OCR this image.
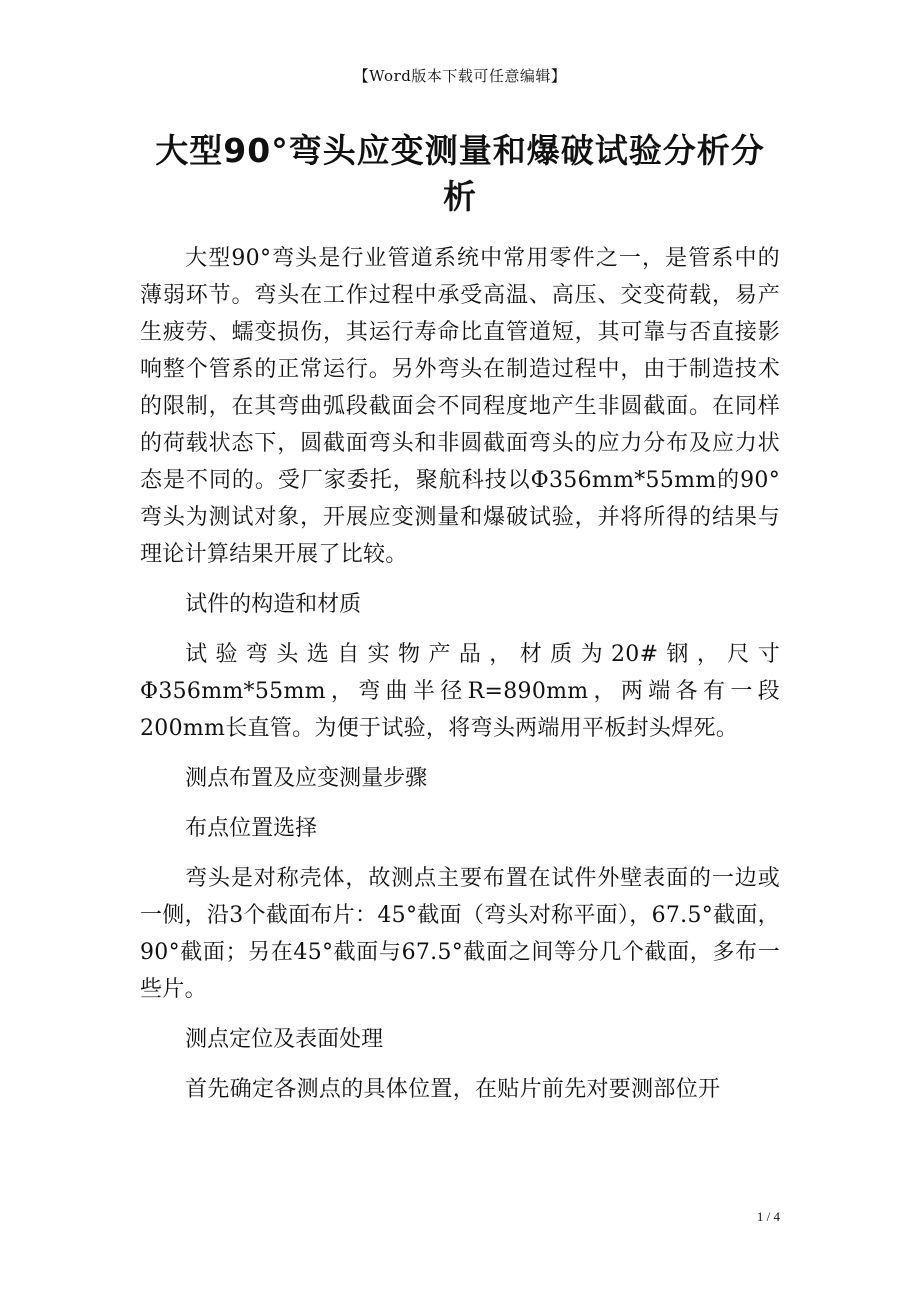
【Word版本下载可任意编辑】
大型90°弯头应变测量和爆破试验分析分析

大型90°弯头是行业管道系统中常用零件之一，是管系中的薄弱环节。弯头在工作过程中承受高温、高压、交变荷载，易产生疲劳、蠕变损伤，其运行寿命比直管道短，其可靠与否直接影响整个管系的正常运行。另外弯头在制造过程中，由于制造技术的限制，在其弯曲弧段截面会不同程度地产生非圆截面。在同样的荷载状态下，圆截面弯头和非圆截面弯头的应力分布及应力状态是不同的。受厂家委托，聚航科技以Φ356mm*55mm的90°弯头为测试对象，开展应变测量和爆破试验，并将所得的结果与理论计算结果开展了比较。

试件的构造和材质

试验弯头选自实物产品，材质为20#钢，尺寸Φ356mm*55mm，弯曲半径R=890mm，两端各有一段200mm长直管。为便于试验，将弯头两端用平板封头焊死。

测点布置及应变测量步骤

布点位置选择

弯头是对称壳体，故测点主要布置在试件外壁表面的一边或一侧，沿3个截面布片：45°截面（弯头对称平面），67.5°截面，90°截面；另在45°截面与67.5°截面之间等分几个截面，多布一些片。

测点定位及表面处理

首先确定各测点的具体位置，在贴片前先对要测部位开

1 / 4
